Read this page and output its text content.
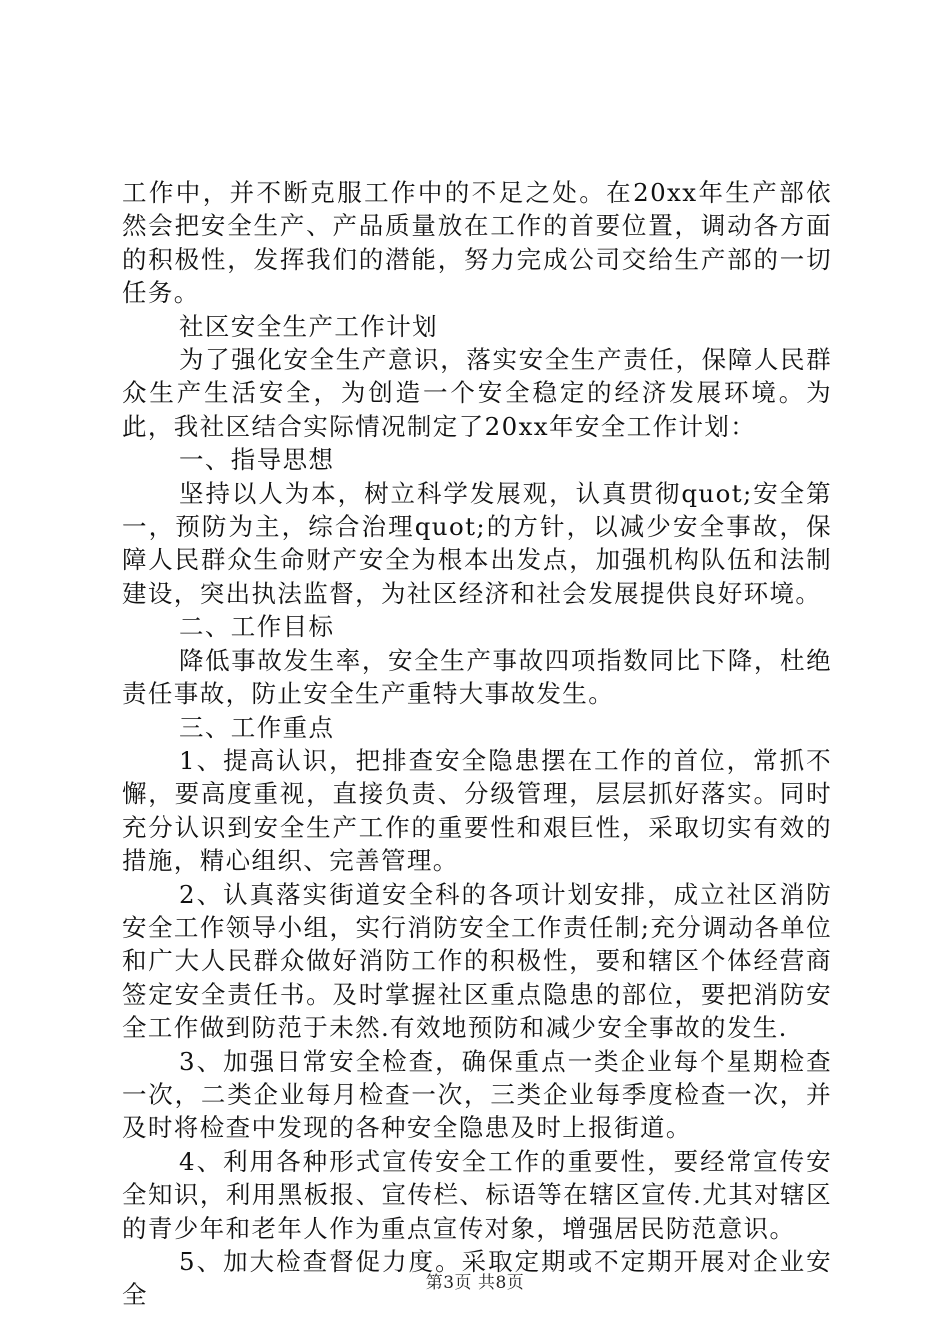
工作中，并不断克服工作中的不足之处。在20xx年生产部依然会把安全生产、产品质量放在工作的首要位置，调动各方面的积极性，发挥我们的潜能，努力完成公司交给生产部的一切任务。

社区安全生产工作计划

为了强化安全生产意识，落实安全生产责任，保障人民群众生产生活安全，为创造一个安全稳定的经济发展环境。为此，我社区结合实际情况制定了20xx年安全工作计划：

一、指导思想

坚持以人为本，树立科学发展观，认真贯彻quot;安全第一，预防为主，综合治理quot;的方针，以减少安全事故，保障人民群众生命财产安全为根本出发点，加强机构队伍和法制建设，突出执法监督，为社区经济和社会发展提供良好环境。

二、工作目标

降低事故发生率，安全生产事故四项指数同比下降，杜绝责任事故，防止安全生产重特大事故发生。

三、工作重点

1、提高认识，把排查安全隐患摆在工作的首位，常抓不懈，要高度重视，直接负责、分级管理，层层抓好落实。同时充分认识到安全生产工作的重要性和艰巨性，采取切实有效的措施，精心组织、完善管理。

2、认真落实街道安全科的各项计划安排，成立社区消防安全工作领导小组，实行消防安全工作责任制;充分调动各单位和广大人民群众做好消防工作的积极性，要和辖区个体经营商签定安全责任书。及时掌握社区重点隐患的部位，要把消防安全工作做到防范于未然.有效地预防和减少安全事故的发生.

3、加强日常安全检查，确保重点一类企业每个星期检查一次，二类企业每月检查一次，三类企业每季度检查一次，并及时将检查中发现的各种安全隐患及时上报街道。

4、利用各种形式宣传安全工作的重要性，要经常宣传安全知识，利用黑板报、宣传栏、标语等在辖区宣传.尤其对辖区的青少年和老年人作为重点宣传对象，增强居民防范意识。

5、加大检查督促力度。采取定期或不定期开展对企业安全	第3页 共8页
